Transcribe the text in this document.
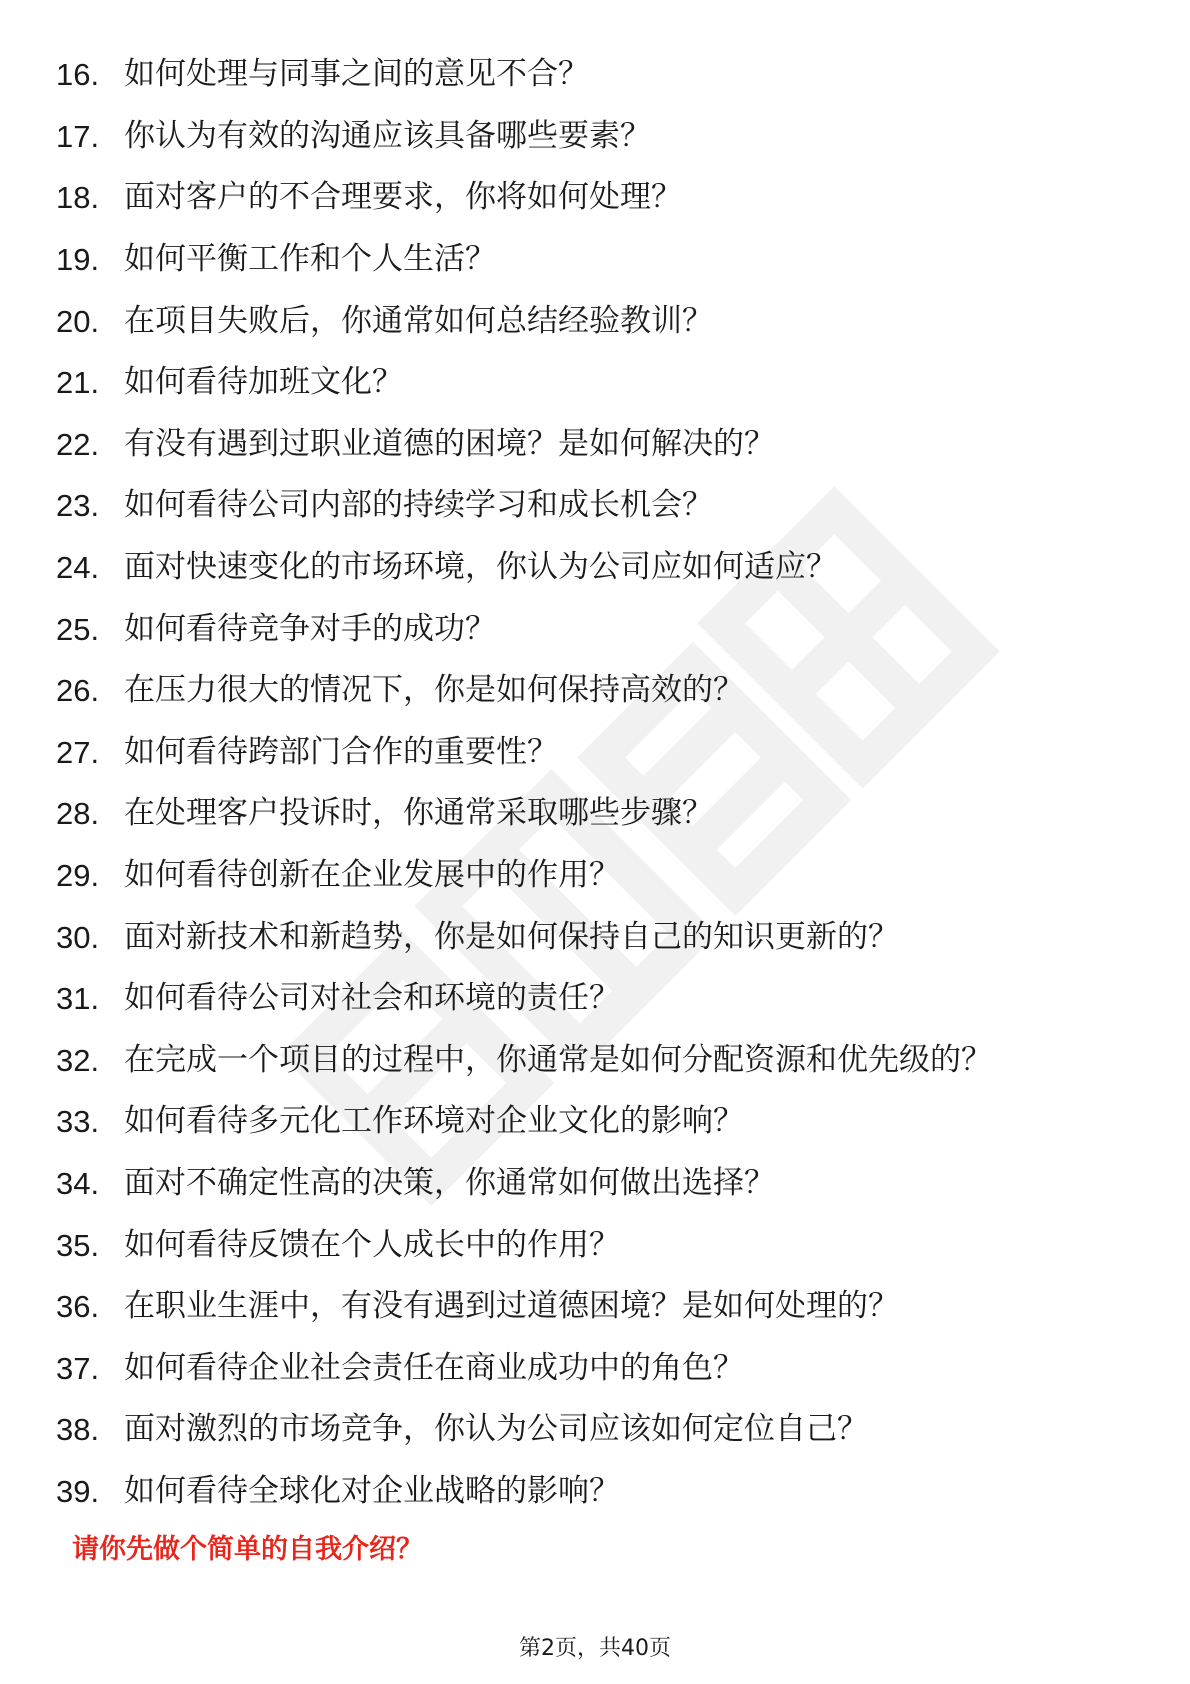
16. 如何处理与同事之间的意见不合？
17. 你认为有效的沟通应该具备哪些要素？
18. 面对客户的不合理要求，你将如何处理？
19. 如何平衡工作和个人生活？
20. 在项目失败后，你通常如何总结经验教训？
21. 如何看待加班文化？
22. 有没有遇到过职业道德的困境？是如何解决的？
23. 如何看待公司内部的持续学习和成长机会？
24. 面对快速变化的市场环境，你认为公司应如何适应？
25. 如何看待竞争对手的成功？
26. 在压力很大的情况下，你是如何保持高效的？
27. 如何看待跨部门合作的重要性？
28. 在处理客户投诉时，你通常采取哪些步骤？
29. 如何看待创新在企业发展中的作用？
30. 面对新技术和新趋势，你是如何保持自己的知识更新的？
31. 如何看待公司对社会和环境的责任？
32. 在完成一个项目的过程中，你通常是如何分配资源和优先级的？
33. 如何看待多元化工作环境对企业文化的影响？
34. 面对不确定性高的决策，你通常如何做出选择？
35. 如何看待反馈在个人成长中的作用？
36. 在职业生涯中，有没有遇到过道德困境？是如何处理的？
37. 如何看待企业社会责任在商业成功中的角色？
38. 面对激烈的市场竞争，你认为公司应该如何定位自己？
39. 如何看待全球化对企业战略的影响？
请你先做个简单的自我介绍？
第2页，共40页
